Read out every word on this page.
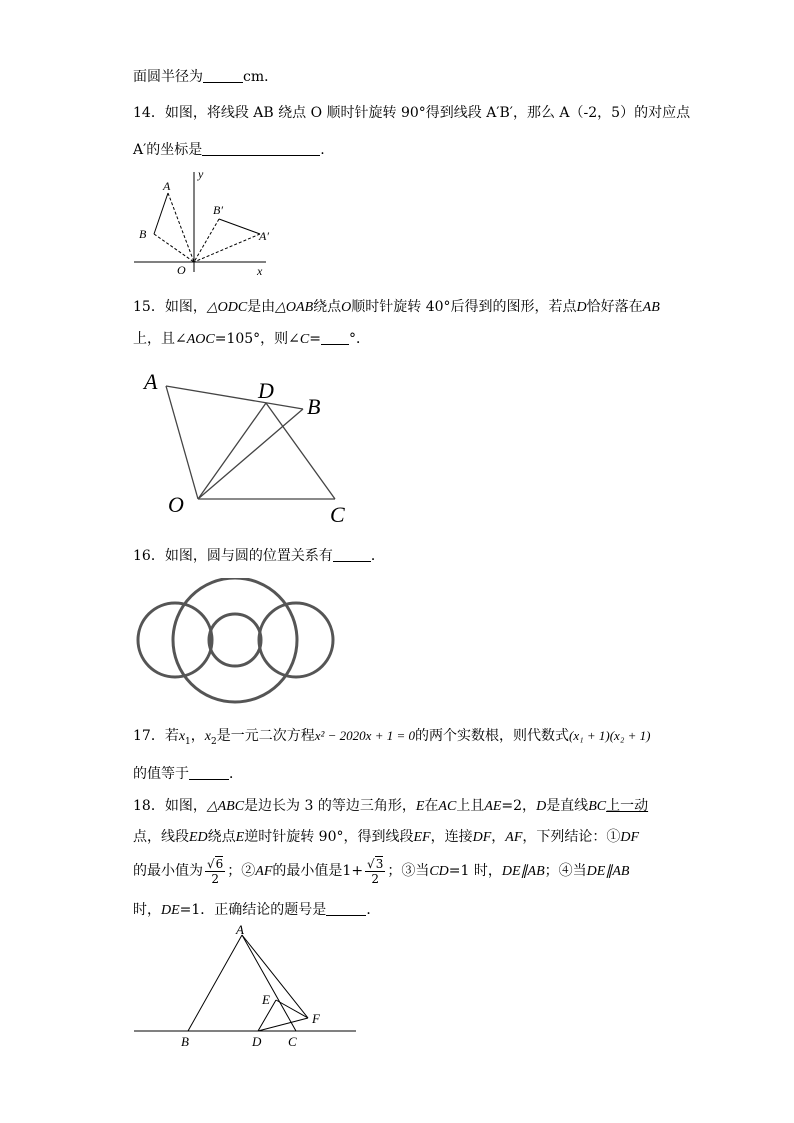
面圆半径为	cm．
14．如图，将线段 AB 绕点 O 顺时针旋转 90°得到线段 A′B′，那么 A（-2，5）的对应点
A′的坐标是	.
A
B
B′
A′
O	x
y
15．如图，△ODC是由△OAB绕点O顺时针旋转 40°后得到的图形，若点D恰好落在AB
上，且∠AOC=105°，则∠C= °．
A	D
B
O	C
16．如图，圆与圆的位置关系有	．
17．若$x_1$，$x_2$是一元二次方程x² − 2020x + 1 = 0的两个实数根，则代数式(x₁ + 1)(x₂ + 1)
的值等于	．
18．如图，△ABC是边长为 3 的等边三角形，E在AC上且AE=2，D是直线BC上一动
点，线段ED绕点E逆时针旋转 90°，得到线段EF，连接DF，AF，下列结论：①DF
的最小值为 $\frac{√6}{2}$ ；②AF的最小值是$1+ \frac{√3}{2}$ ；③当CD=1 时，DE∥AB；④当DE∥AB
时，DE=1．正确结论的题号是	．
A
E
F
B	D C
